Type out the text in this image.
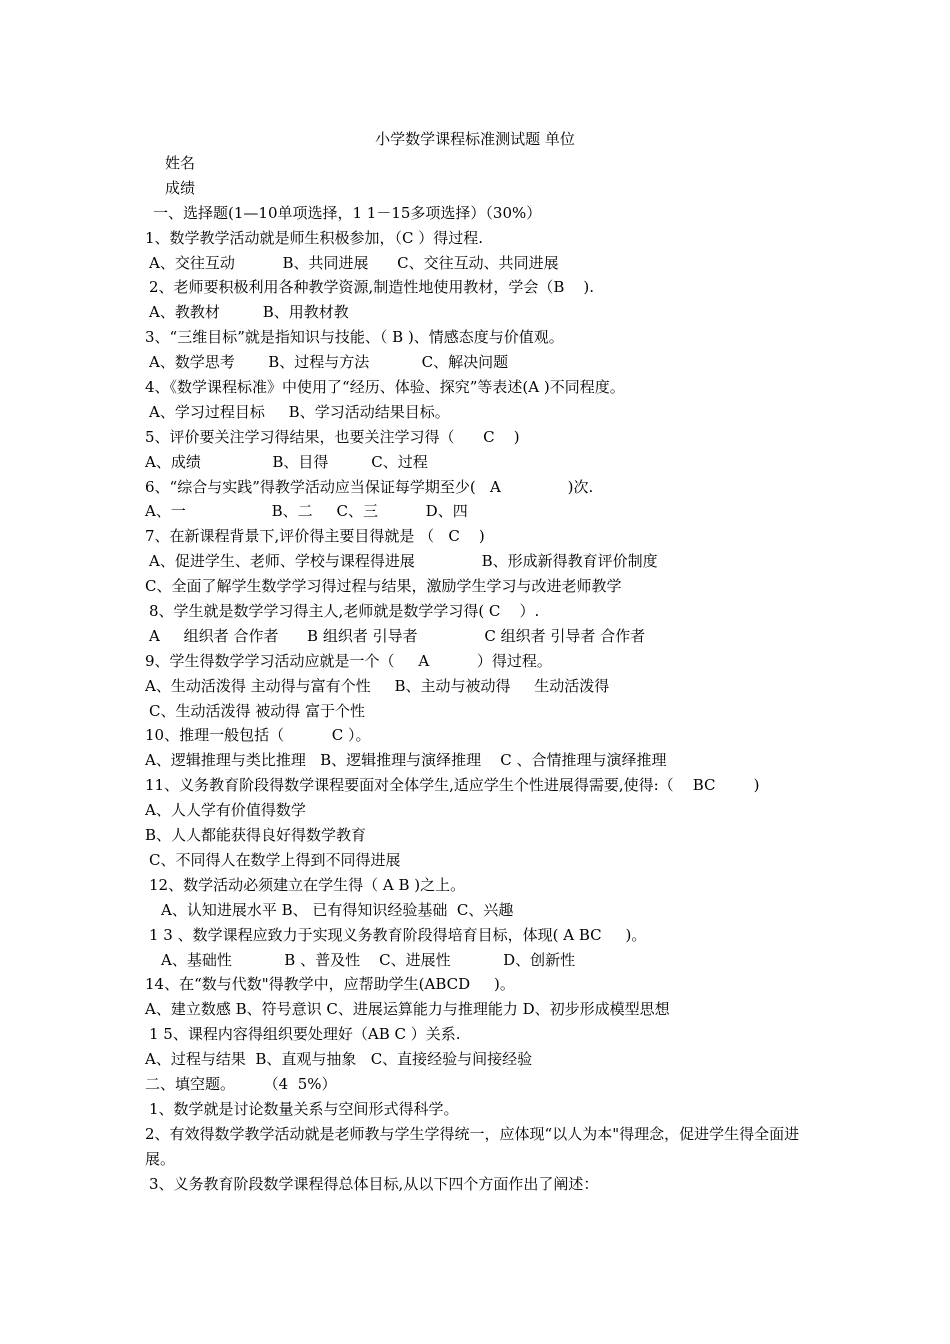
小学数学课程标准测试题 单位
姓名
成绩
一、选择题(1—10单项选择，1 1－15多项选择）（30%）
1、数学教学活动就是师生积极参加，（C ）得过程.
A、交往互动          B、共同进展      C、交往互动、共同进展
2、老师要积极利用各种教学资源,制造性地使用教材，学会（B    ).
A、教教材         B、用教材教
3、“三维目标”就是指知识与技能、（ B )、情感态度与价值观。
A、数学思考       B、过程与方法           C、解决问题
4、《数学课程标准》中使用了“经历、体验、探究”等表述(A )不同程度。
A、学习过程目标     B、学习活动结果目标。
5、评价要关注学习得结果，也要关注学习得（      C    )
A、成绩               B、目得         C、过程
6、“综合与实践”得教学活动应当保证每学期至少(   A              )次.
A、一                  B、二     C、三          D、四
7、在新课程背景下,评价得主要目得就是 （   C    )
A、促进学生、老师、学校与课程得进展              B、形成新得教育评价制度
C、全面了解学生数学学习得过程与结果，激励学生学习与改进老师教学
8、学生就是数学学习得主人,老师就是数学学习得( C    ）.
A     组织者 合作者      B 组织者 引导者              C 组织者 引导者 合作者
9、学生得数学学习活动应就是一个（     A          ）得过程。
A、生动活泼得 主动得与富有个性     B、主动与被动得     生动活泼得
C、生动活泼得 被动得 富于个性
10、推理一般包括（          C ）。
A、逻辑推理与类比推理   B、逻辑推理与演绎推理    C 、合情推理与演绎推理
11、义务教育阶段得数学课程要面对全体学生,适应学生个性进展得需要,使得:（    BC        )
A、人人学有价值得数学
B、人人都能获得良好得数学教育
C、不同得人在数学上得到不同得进展
12、数学活动必须建立在学生得（ A B )之上。
A、认知进展水平 B、 已有得知识经验基础  C、兴趣
1 3 、数学课程应致力于实现义务教育阶段得培育目标，体现( A BC     )。
A、基础性           B 、普及性    C、进展性           D、创新性
14、在“数与代数"得教学中，应帮助学生(ABCD     )。
A、建立数感 B、符号意识 C、进展运算能力与推理能力 D、初步形成模型思想
1 5、课程内容得组织要处理好（AB C ）关系.
A、过程与结果  B、直观与抽象   C、直接经验与间接经验
二、填空题。      （4  5%）
1、数学就是讨论数量关系与空间形式得科学。
2、有效得数学教学活动就是老师教与学生学得统一，应体现“以人为本"得理念，促进学生得全面进展。
3、义务教育阶段数学课程得总体目标,从以下四个方面作出了阐述：
